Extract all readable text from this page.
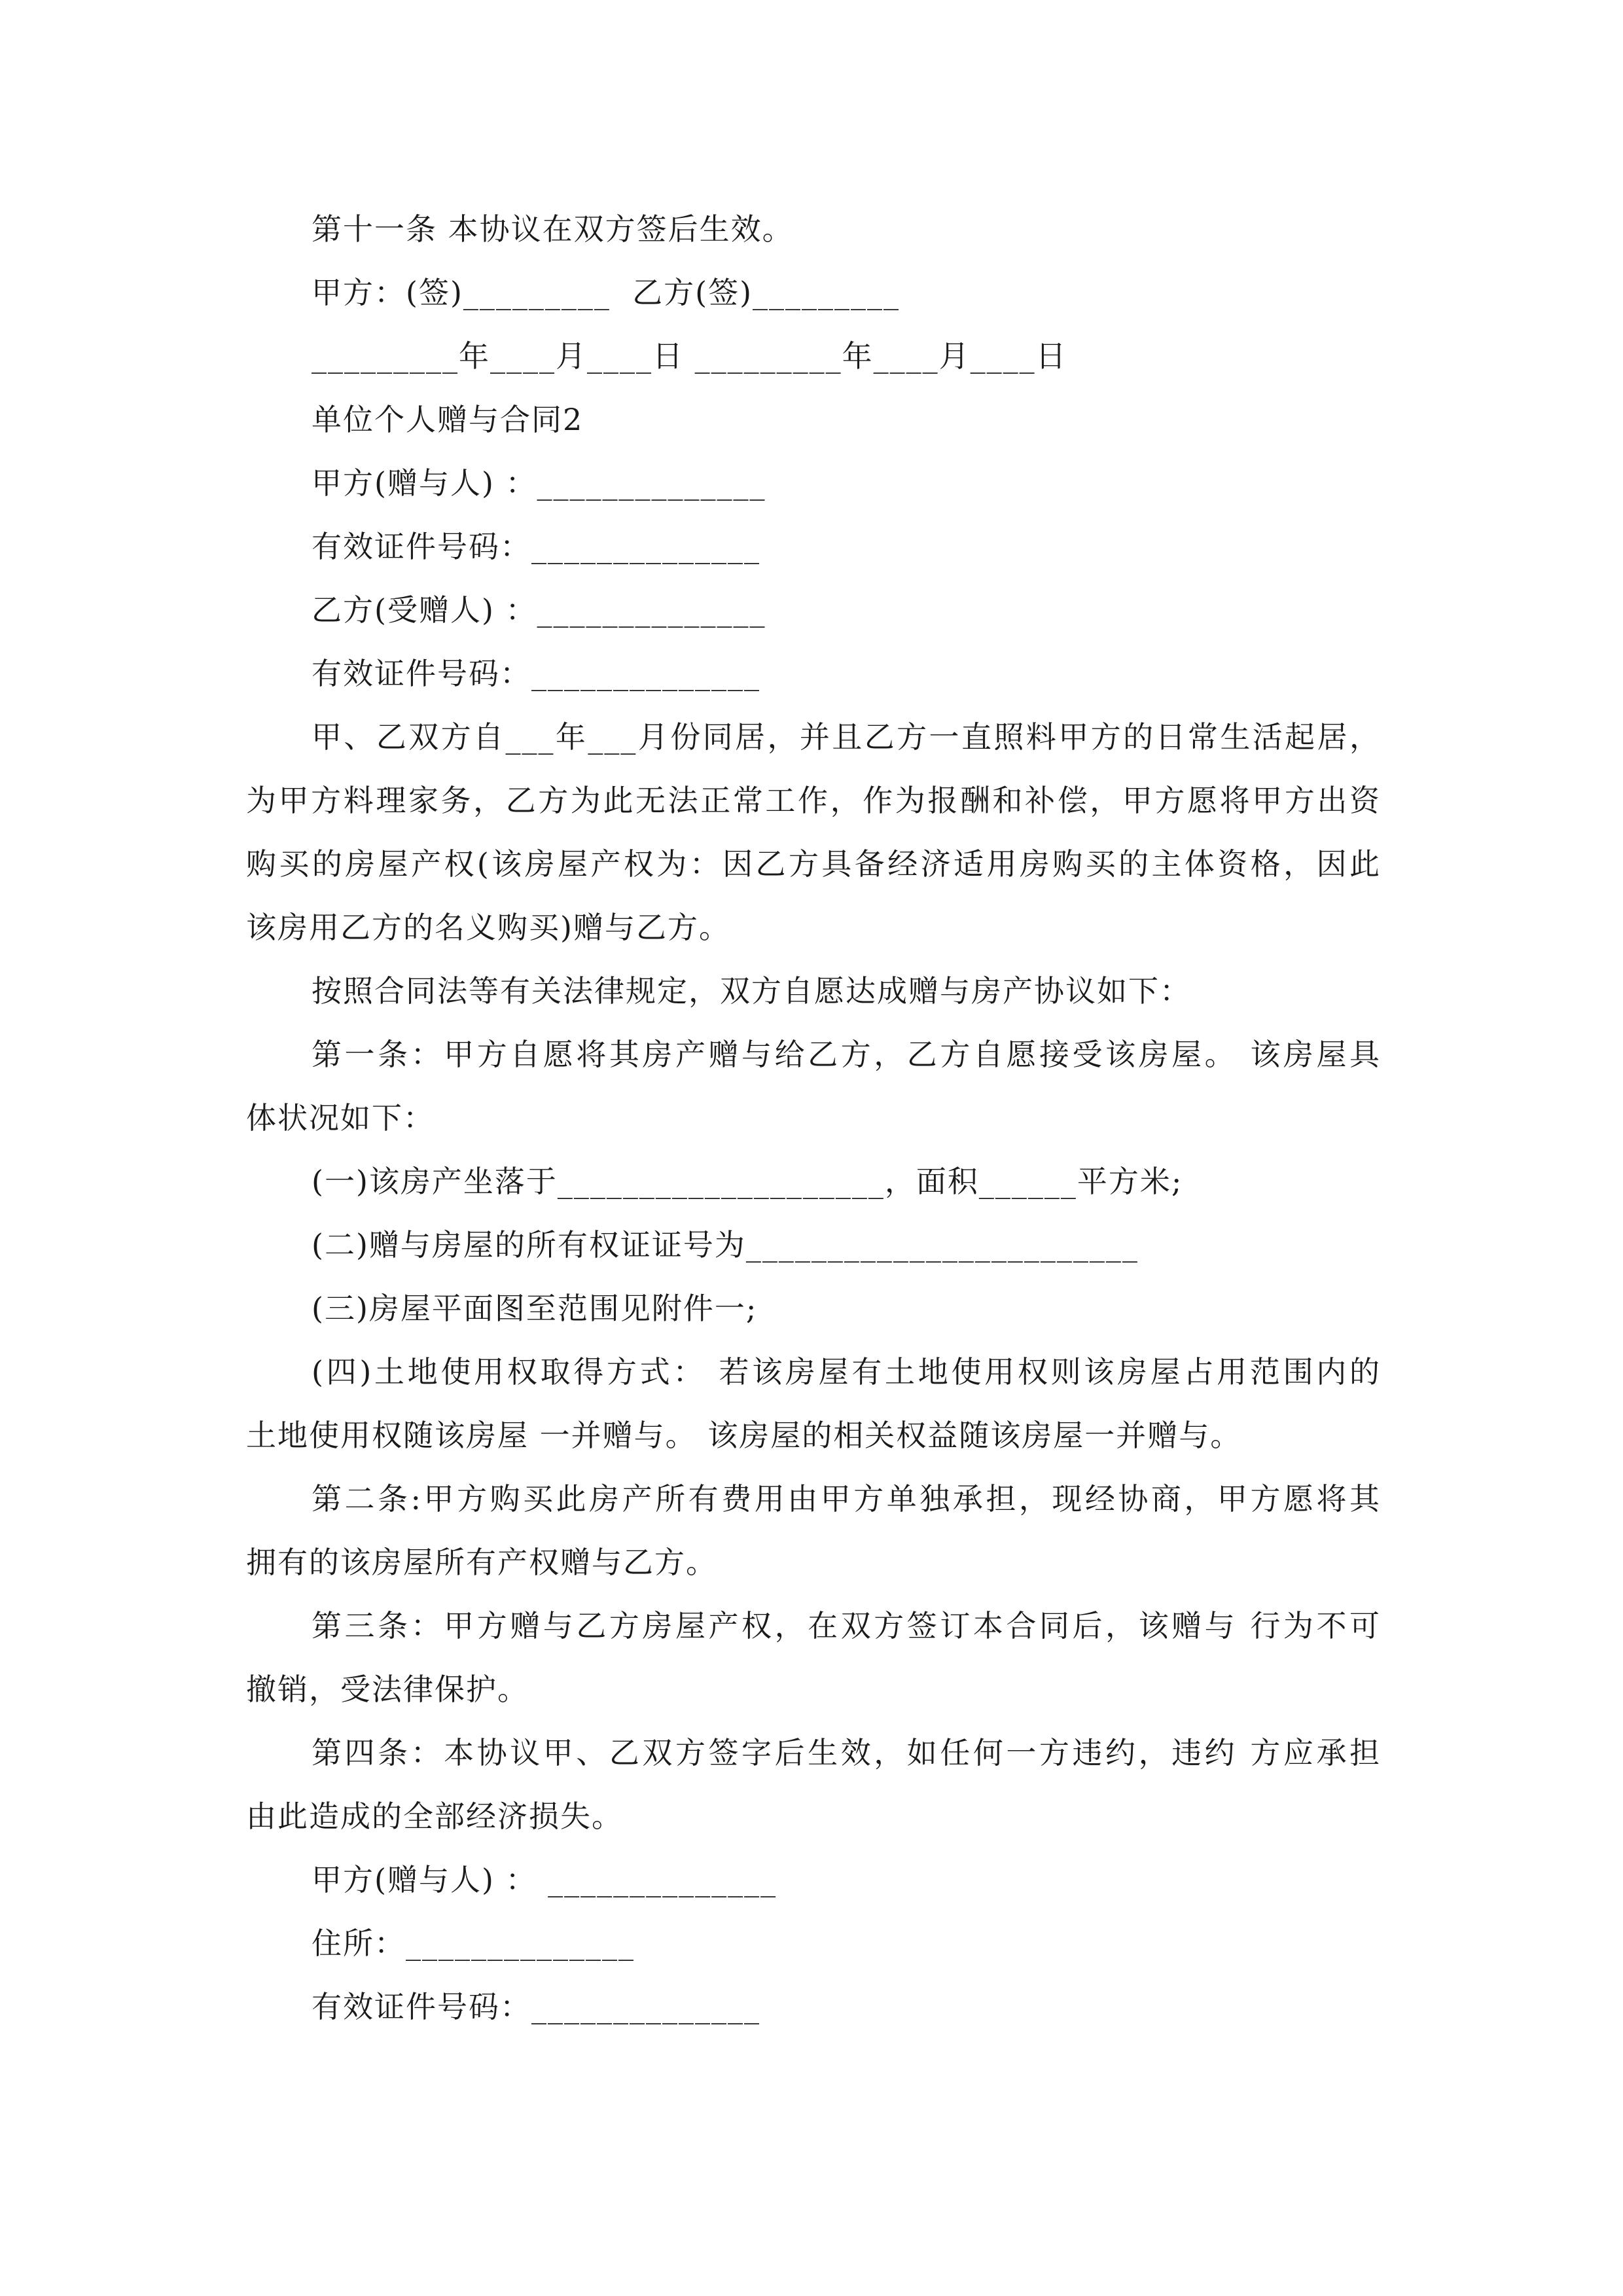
第十一条 本协议在双方签后生效。
甲方：(签)_________  乙方(签)_________
_________年____月____日 _________年____月____日
单位个人赠与合同2
甲方(赠与人) ：______________
有效证件号码：______________
乙方(受赠人) ：______________
有效证件号码：______________
甲、乙双方自___年___月份同居，并且乙方一直照料甲方的日常生活起居，
为甲方料理家务，乙方为此无法正常工作，作为报酬和补偿，甲方愿将甲方出资
购买的房屋产权(该房屋产权为：因乙方具备经济适用房购买的主体资格，因此
该房用乙方的名义购买)赠与乙方。
按照合同法等有关法律规定，双方自愿达成赠与房产协议如下：
第一条：甲方自愿将其房产赠与给乙方，乙方自愿接受该房屋。 该房屋具
体状况如下：
(一)该房产坐落于____________________，面积______平方米;
(二)赠与房屋的所有权证证号为________________________
(三)房屋平面图至范围见附件一;
(四)土地使用权取得方式： 若该房屋有土地使用权则该房屋占用范围内的
土地使用权随该房屋 一并赠与。 该房屋的相关权益随该房屋一并赠与。
第二条:甲方购买此房产所有费用由甲方单独承担，现经协商，甲方愿将其
拥有的该房屋所有产权赠与乙方。
第三条：甲方赠与乙方房屋产权，在双方签订本合同后，该赠与 行为不可
撤销，受法律保护。
第四条：本协议甲、乙双方签字后生效，如任何一方违约，违约 方应承担
由此造成的全部经济损失。
甲方(赠与人) ： ______________
住所：______________
有效证件号码：______________
